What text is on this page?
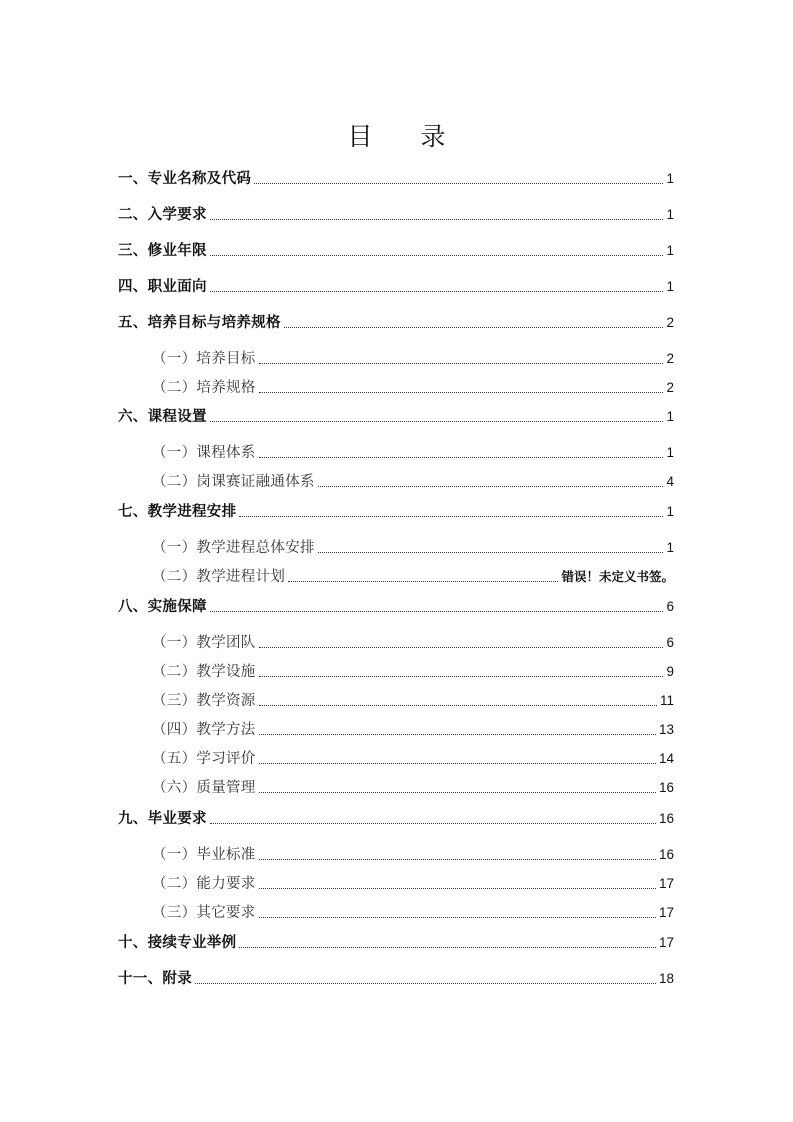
目 录
一、专业名称及代码	1
二、入学要求	1
三、修业年限	1
四、职业面向	1
五、培养目标与培养规格	2
（一）培养目标	2
（二）培养规格	2
六、课程设置	1
（一）课程体系	1
（二）岗课赛证融通体系	4
七、教学进程安排	1
（一）教学进程总体安排	1
（二）教学进程计划	错误！未定义书签。
八、实施保障	6
（一）教学团队	6
（二）教学设施	9
（三）教学资源	11
（四）教学方法	13
（五）学习评价	14
（六）质量管理	16
九、毕业要求	16
（一）毕业标准	16
（二）能力要求	17
（三）其它要求	17
十、接续专业举例	17
十一、附录	18
